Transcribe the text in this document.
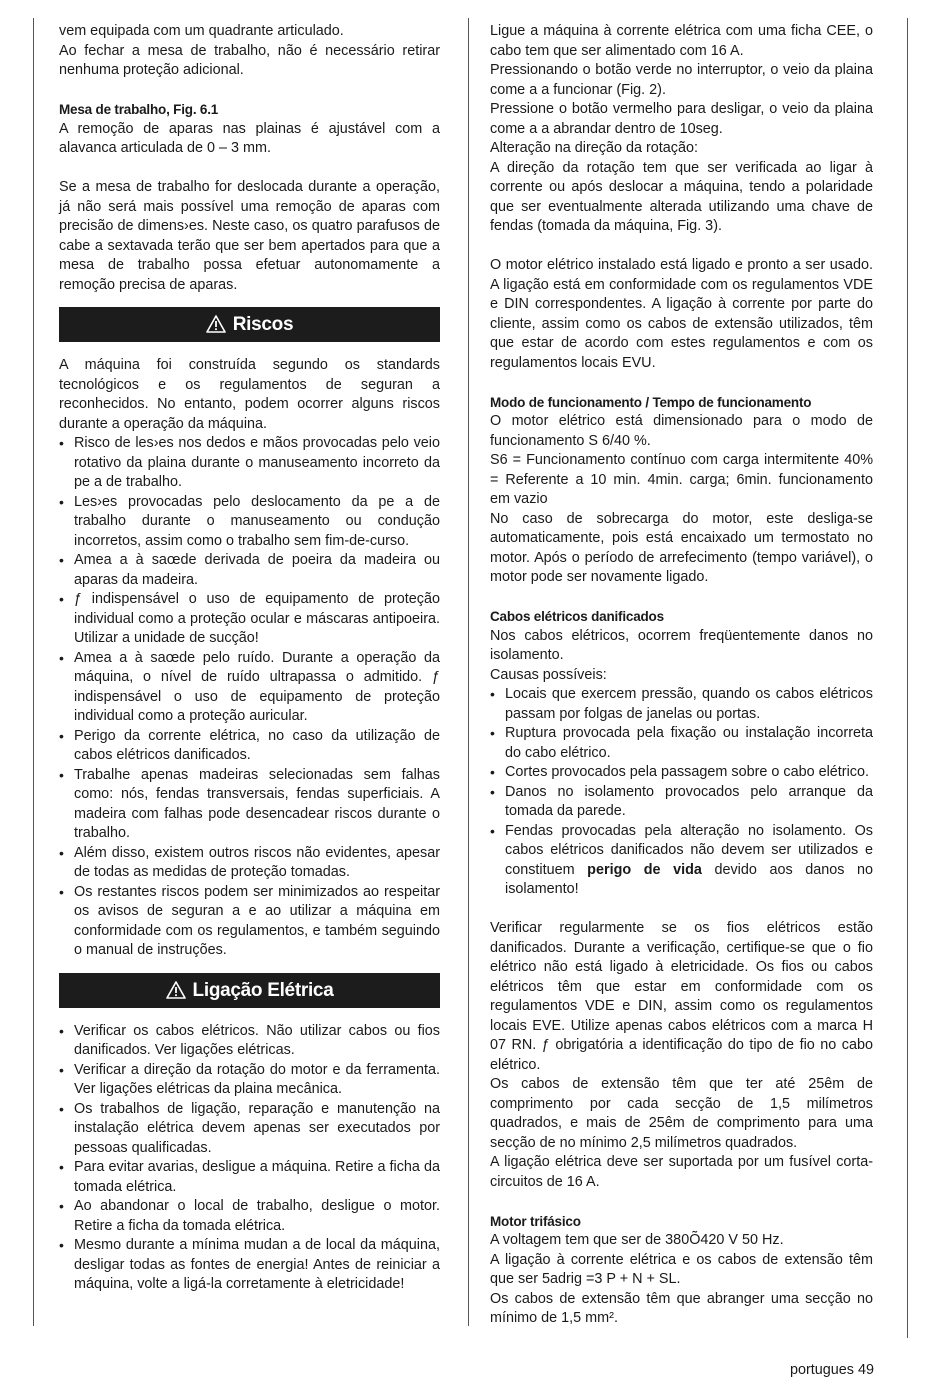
vem equipada com um quadrante articulado.

Ao fechar a mesa de trabalho, não é necessário retirar nenhuma proteção adicional.

Mesa de trabalho, Fig. 6.1

A remoção de aparas nas plainas é ajustável com a alavanca articulada de 0 – 3 mm.

Se a mesa de trabalho for deslocada durante a operação, já não será mais possível uma remoção de aparas com precisão de dimens›es. Neste caso, os quatro parafusos de cabe a sextavada terão que ser bem apertados para que a mesa de trabalho possa efetuar autonomamente a remoção precisa de aparas.

Riscos

A máquina foi construída segundo os standards tecnológicos e os regulamentos de seguran a reconhecidos. No entanto, podem ocorrer alguns riscos durante a operação da máquina.

• Risco de les›es nos dedos e mãos provocadas pelo veio rotativo da plaina durante o manuseamento incorreto da pe a de trabalho.
• Les›es provocadas pelo deslocamento da pe a de trabalho durante o manuseamento ou condução incorretos, assim como o trabalho sem fim-de-curso.
• Amea a à saœde derivada de poeira da madeira ou aparas da madeira.
• ƒ indispensável o uso de equipamento de proteção individual como a proteção ocular e máscaras antipoeira. Utilizar a unidade de sucção!
• Amea a à saœde pelo ruído. Durante a operação da máquina, o nível de ruído ultrapassa o admitido. ƒ indispensável o uso de equipamento de proteção individual como a proteção auricular.
• Perigo da corrente elétrica, no caso da utilização de cabos elétricos danificados.
• Trabalhe apenas madeiras selecionadas sem falhas como: nós, fendas transversais, fendas superficiais. A madeira com falhas pode desencadear riscos durante o trabalho.
• Além disso, existem outros riscos não evidentes, apesar de todas as medidas de proteção tomadas.
• Os restantes riscos podem ser minimizados ao respeitar os avisos de seguran a e ao utilizar a máquina em conformidade com os regulamentos, e também seguindo o manual de instruções.
Ligação Elétrica
• Verificar os cabos elétricos. Não utilizar cabos ou fios danificados. Ver ligações elétricas.
• Verificar a direção da rotação do motor e da ferramenta. Ver ligações elétricas da plaina mecânica.
• Os trabalhos de ligação, reparação e manutenção na instalação elétrica devem apenas ser executados por pessoas qualificadas.
• Para evitar avarias, desligue a máquina. Retire a ficha da tomada elétrica.
• Ao abandonar o local de trabalho, desligue o motor. Retire a ficha da tomada elétrica.
• Mesmo durante a mínima mudan a de local da máquina, desligar todas as fontes de energia! Antes de reiniciar a máquina, volte a ligá-la corretamente à eletricidade!

Ligue a máquina à corrente elétrica com uma ficha CEE, o cabo tem que ser alimentado com 16 A.

Pressionando o botão verde no interruptor, o veio da plaina come a a funcionar (Fig. 2).

Pressione o botão vermelho para desligar, o veio da plaina come a a abrandar dentro de 10seg.

Alteração na direção da rotação:

A direção da rotação tem que ser verificada ao ligar à corrente ou após deslocar a máquina, tendo a polaridade que ser eventualmente alterada utilizando uma chave de fendas (tomada da máquina, Fig. 3).

O motor elétrico instalado está ligado e pronto a ser usado. A ligação está em conformidade com os regulamentos VDE e DIN correspondentes. A ligação à corrente por parte do cliente, assim como os cabos de extensão utilizados, têm que estar de acordo com estes regulamentos e com os regulamentos locais EVU.

Modo de funcionamento / Tempo de funcionamento

O motor elétrico está dimensionado para o modo de funcionamento S 6/40 %.

S6 = Funcionamento contínuo com carga intermitente 40% = Referente a 10 min. 4min. carga; 6min. funcionamento em vazio

No caso de sobrecarga do motor, este desliga-se automaticamente, pois está encaixado um termostato no motor. Após o período de arrefecimento (tempo variável), o motor pode ser novamente ligado.

Cabos elétricos danificados

Nos cabos elétricos, ocorrem freqüentemente danos no isolamento.

Causas possíveis:

• Locais que exercem pressão, quando os cabos elétricos passam por folgas de janelas ou portas.
• Ruptura provocada pela fixação ou instalação incorreta do cabo elétrico.
• Cortes provocados pela passagem sobre o cabo elétrico.
• Danos no isolamento provocados pelo arranque da tomada da parede.
• Fendas provocadas pela alteração no isolamento. Os cabos elétricos danificados não devem ser utilizados e constituem perigo de vida devido aos danos no isolamento!

Verificar regularmente se os fios elétricos estão danificados. Durante a verificação, certifique-se que o fio elétrico não está ligado à eletricidade. Os fios ou cabos elétricos têm que estar em conformidade com os regulamentos VDE e DIN, assim como os regulamentos locais EVE. Utilize apenas cabos elétricos com a marca H 07 RN. ƒ obrigatória a identificação do tipo de fio no cabo elétrico.

Os cabos de extensão têm que ter até 25êm de comprimento por cada secção de 1,5 milímetros quadrados, e mais de 25êm de comprimento para uma secção de no mínimo 2,5 milímetros quadrados.

A ligação elétrica deve ser suportada por um fusível corta-circuitos de 16 A.

Motor trifásico

A voltagem tem que ser de 380Õ420 V 50 Hz.

A ligação à corrente elétrica e os cabos de extensão têm que ser 5adrig =3 P + N + SL.

Os cabos de extensão têm que abranger uma secção no mínimo de 1,5 mm².

portugues 49
